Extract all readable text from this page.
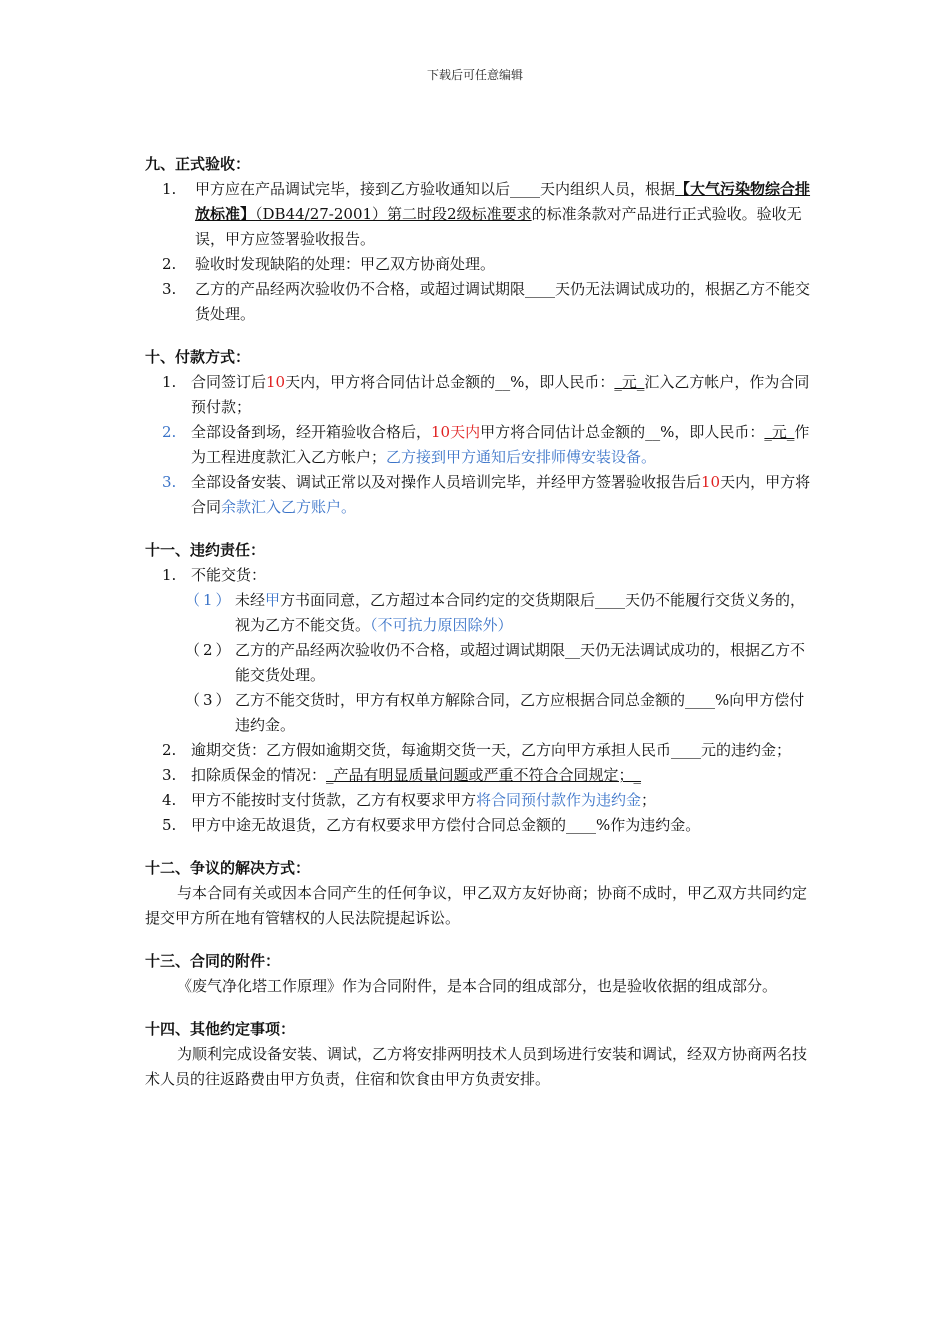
下载后可任意编辑
九、正式验收：
1.	甲方应在产品调试完毕，接到乙方验收通知以后____天内组织人员，根据【大气污染物综合排放标准】（DB44/27-2001）第二时段2级标准要求的标准条款对产品进行正式验收。验收无误，甲方应签署验收报告。
2.	验收时发现缺陷的处理：甲乙双方协商处理。
3.	乙方的产品经两次验收仍不合格，或超过调试期限____天仍无法调试成功的，根据乙方不能交货处理。
十、付款方式：
1. 合同签订后10天内，甲方将合同估计总金额的__%，即人民币：_元_汇入乙方帐户，作为合同预付款；
2. 全部设备到场，经开箱验收合格后，10天内甲方将合同估计总金额的__%，即人民币：_元_作为工程进度款汇入乙方帐户；乙方接到甲方通知后安排师傅安装设备。
3. 全部设备安装、调试正常以及对操作人员培训完毕，并经甲方签署验收报告后10天内，甲方将合同余款汇入乙方账户。
十一、违约责任：
1. 不能交货：
（1） 未经甲方书面同意，乙方超过本合同约定的交货期限后____天仍不能履行交货义务的，视为乙方不能交货。（不可抗力原因除外）
（2） 乙方的产品经两次验收仍不合格，或超过调试期限__天仍无法调试成功的，根据乙方不能交货处理。
（3） 乙方不能交货时，甲方有权单方解除合同，乙方应根据合同总金额的____%向甲方偿付违约金。
2. 逾期交货：乙方假如逾期交货，每逾期交货一天，乙方向甲方承担人民币____元的违约金；
3. 扣除质保金的情况：_产品有明显质量问题或严重不符合合同规定；_
4. 甲方不能按时支付货款，乙方有权要求甲方将合同预付款作为违约金；
5. 甲方中途无故退货，乙方有权要求甲方偿付合同总金额的____%作为违约金。
十二、争议的解决方式：
与本合同有关或因本合同产生的任何争议，甲乙双方友好协商；协商不成时，甲乙双方共同约定提交甲方所在地有管辖权的人民法院提起诉讼。
十三、合同的附件：
《废气净化塔工作原理》作为合同附件，是本合同的组成部分，也是验收依据的组成部分。
十四、其他约定事项：
为顺利完成设备安装、调试，乙方将安排两明技术人员到场进行安装和调试，经双方协商两名技术人员的往返路费由甲方负责，住宿和饮食由甲方负责安排。
